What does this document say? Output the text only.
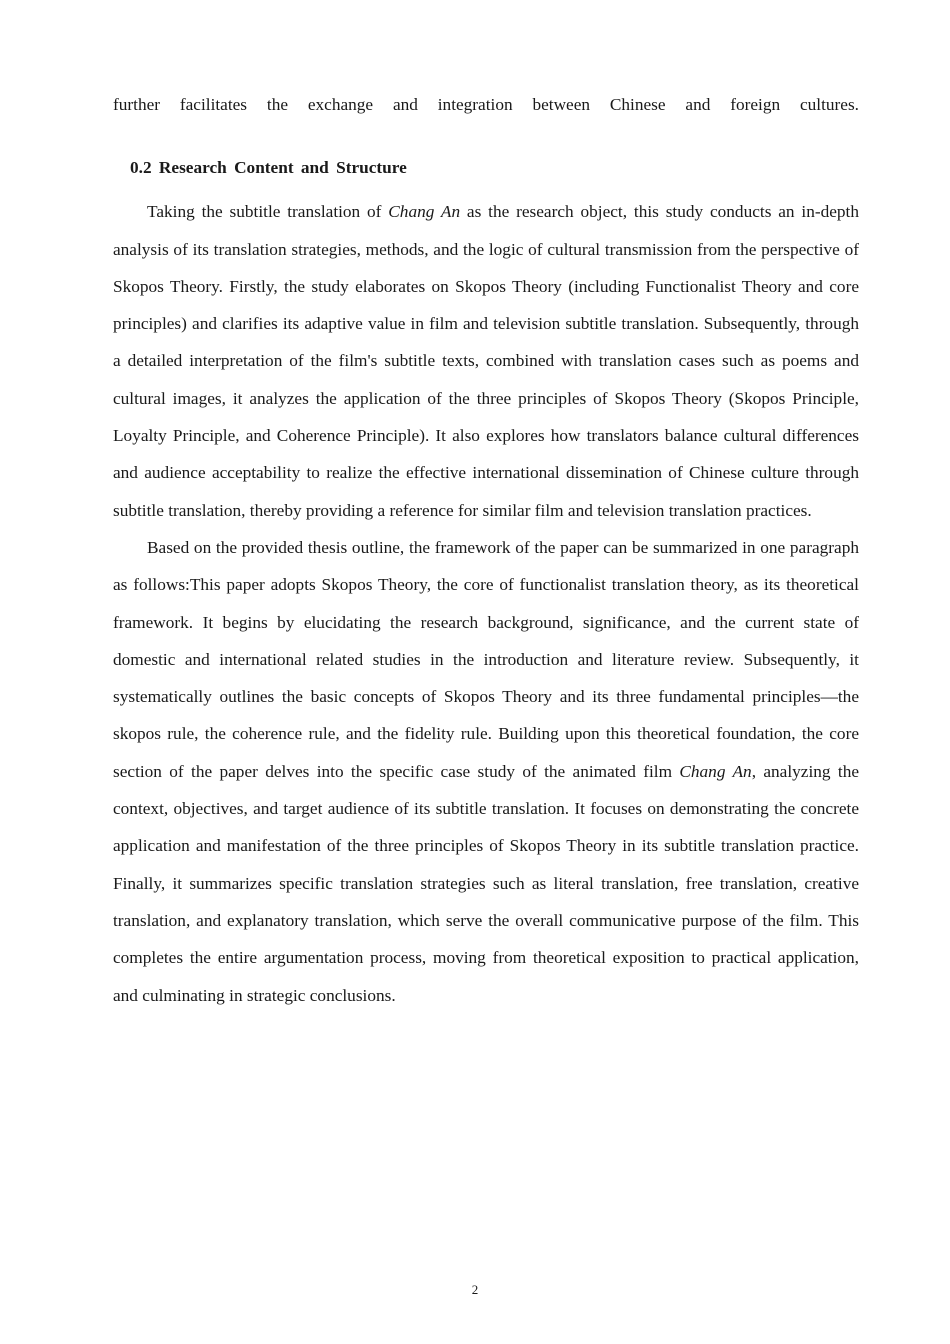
further facilitates the exchange and integration between Chinese and foreign cultures.

0.2 Research Content and Structure

Taking the subtitle translation of Chang An as the research object, this study conducts an in-depth analysis of its translation strategies, methods, and the logic of cultural transmission from the perspective of Skopos Theory. Firstly, the study elaborates on Skopos Theory (including Functionalist Theory and core principles) and clarifies its adaptive value in film and television subtitle translation. Subsequently, through a detailed interpretation of the film's subtitle texts, combined with translation cases such as poems and cultural images, it analyzes the application of the three principles of Skopos Theory (Skopos Principle, Loyalty Principle, and Coherence Principle). It also explores how translators balance cultural differences and audience acceptability to realize the effective international dissemination of Chinese culture through subtitle translation, thereby providing a reference for similar film and television translation practices.

Based on the provided thesis outline, the framework of the paper can be summarized in one paragraph as follows:This paper adopts Skopos Theory, the core of functionalist translation theory, as its theoretical framework. It begins by elucidating the research background, significance, and the current state of domestic and international related studies in the introduction and literature review. Subsequently, it systematically outlines the basic concepts of Skopos Theory and its three fundamental principles—the skopos rule, the coherence rule, and the fidelity rule. Building upon this theoretical foundation, the core section of the paper delves into the specific case study of the animated film Chang An, analyzing the context, objectives, and target audience of its subtitle translation. It focuses on demonstrating the concrete application and manifestation of the three principles of Skopos Theory in its subtitle translation practice. Finally, it summarizes specific translation strategies such as literal translation, free translation, creative translation, and explanatory translation, which serve the overall communicative purpose of the film. This completes the entire argumentation process, moving from theoretical exposition to practical application, and culminating in strategic conclusions.

2
